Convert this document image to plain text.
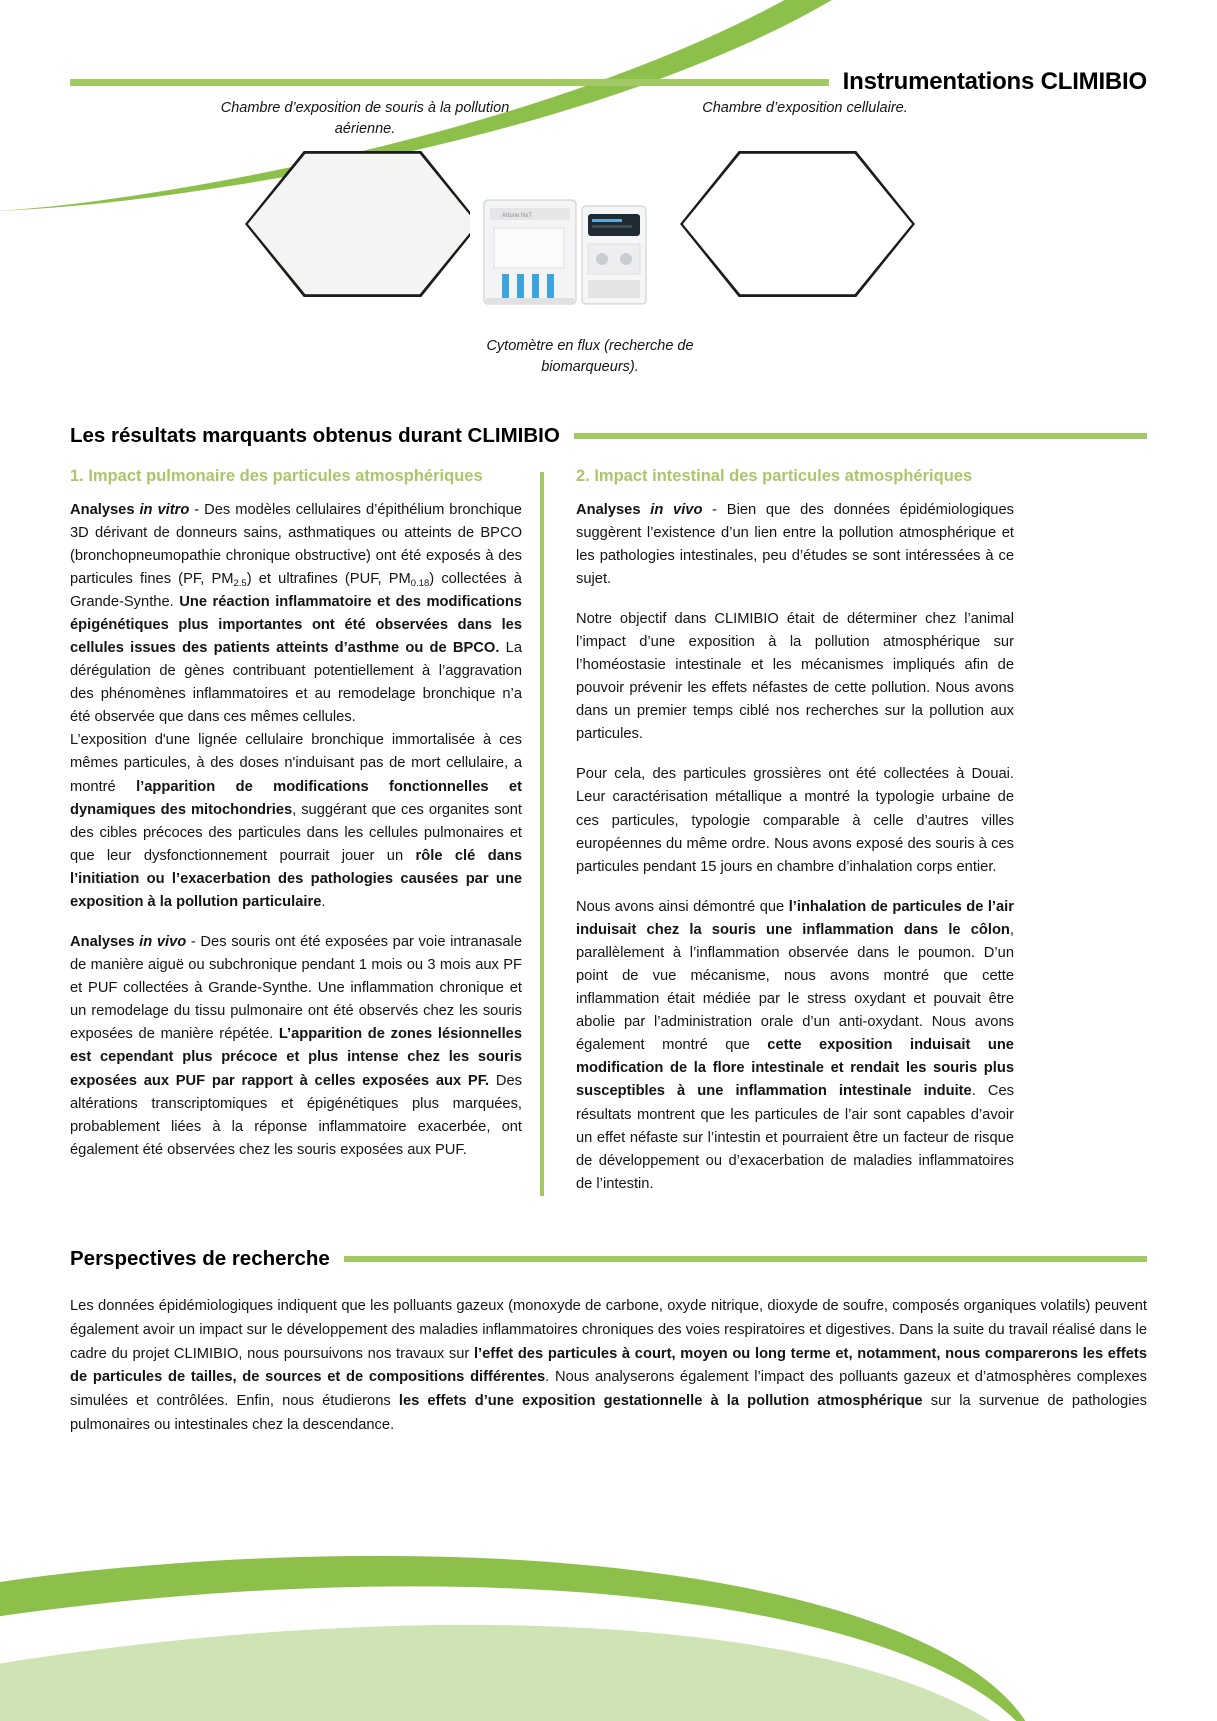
Instrumentations CLIMIBIO
Chambre d’exposition de souris à la pollution aérienne.
Chambre d’exposition cellulaire.
Cytomètre en flux (recherche de biomarqueurs).
Attune NxT
Les résultats marquants obtenus durant CLIMIBIO
1. Impact pulmonaire des particules atmosphériques

Analyses in vitro - Des modèles cellulaires d’épithélium bronchique 3D dérivant de donneurs sains, asthmatiques ou atteints de BPCO (bronchopneumopathie chronique obstructive) ont été exposés à des particules fines (PF, $PM_{2.5}$) et ultrafines (PUF, $PM_{0.18}$) collectées à Grande-Synthe. Une réaction inflammatoire et des modifications épigénétiques plus importantes ont été observées dans les cellules issues des patients atteints d’asthme ou de BPCO. La dérégulation de gènes contribuant potentiellement à l’aggravation des phénomènes inflammatoires et au remodelage bronchique n’a été observée que dans ces mêmes cellules.

L’exposition d'une lignée cellulaire bronchique immortalisée à ces mêmes particules, à des doses n'induisant pas de mort cellulaire, a montré l’apparition de modifications fonctionnelles et dynamiques des mitochondries, suggérant que ces organites sont des cibles précoces des particules dans les cellules pulmonaires et que leur dysfonctionnement pourrait jouer un rôle clé dans l’initiation ou l’exacerbation des pathologies causées par une exposition à la pollution particulaire.

Analyses in vivo - Des souris ont été exposées par voie intranasale de manière aiguë ou subchronique pendant 1 mois ou 3 mois aux PF et PUF collectées à Grande-Synthe. Une inflammation chronique et un remodelage du tissu pulmonaire ont été observés chez les souris exposées de manière répétée. L’apparition de zones lésionnelles est cependant plus précoce et plus intense chez les souris exposées aux PUF par rapport à celles exposées aux PF. Des altérations transcriptomiques et épigénétiques plus marquées, probablement liées à la réponse inflammatoire exacerbée, ont également été observées chez les souris exposées aux PUF.

2. Impact intestinal des particules atmosphériques

Analyses in vivo - Bien que des données épidémiologiques suggèrent l’existence d’un lien entre la pollution atmosphérique et les pathologies intestinales, peu d’études se sont intéressées à ce sujet.

Notre objectif dans CLIMIBIO était de déterminer chez l’animal l’impact d’une exposition à la pollution atmosphérique sur l’homéostasie intestinale et les mécanismes impliqués afin de pouvoir prévenir les effets néfastes de cette pollution. Nous avons dans un premier temps ciblé nos recherches sur la pollution aux particules.

Pour cela, des particules grossières ont été collectées à Douai. Leur caractérisation métallique a montré la typologie urbaine de ces particules, typologie comparable à celle d’autres villes européennes du même ordre. Nous avons exposé des souris à ces particules pendant 15 jours en chambre d’inhalation corps entier.

Nous avons ainsi démontré que l’inhalation de particules de l’air induisait chez la souris une inflammation dans le côlon, parallèlement à l’inflammation observée dans le poumon. D’un point de vue mécanisme, nous avons montré que cette inflammation était médiée par le stress oxydant et pouvait être abolie par l’administration orale d’un anti-oxydant. Nous avons également montré que cette exposition induisait une modification de la flore intestinale et rendait les souris plus susceptibles à une inflammation intestinale induite. Ces résultats montrent que les particules de l’air sont capables d’avoir un effet néfaste sur l’intestin et pourraient être un facteur de risque de développement ou d’exacerbation de maladies inflammatoires de l’intestin.

Perspectives de recherche

Les données épidémiologiques indiquent que les polluants gazeux (monoxyde de carbone, oxyde nitrique, dioxyde de soufre, composés organiques volatils) peuvent également avoir un impact sur le développement des maladies inflammatoires chroniques des voies respiratoires et digestives. Dans la suite du travail réalisé dans le cadre du projet CLIMIBIO, nous poursuivons nos travaux sur l’effet des particules à court, moyen ou long terme et, notamment, nous comparerons les effets de particules de tailles, de sources et de compositions différentes. Nous analyserons également l’impact des polluants gazeux et d’atmosphères complexes simulées et contrôlées. Enfin, nous étudierons les effets d’une exposition gestationnelle à la pollution atmosphérique sur la survenue de pathologies pulmonaires ou intestinales chez la descendance.
